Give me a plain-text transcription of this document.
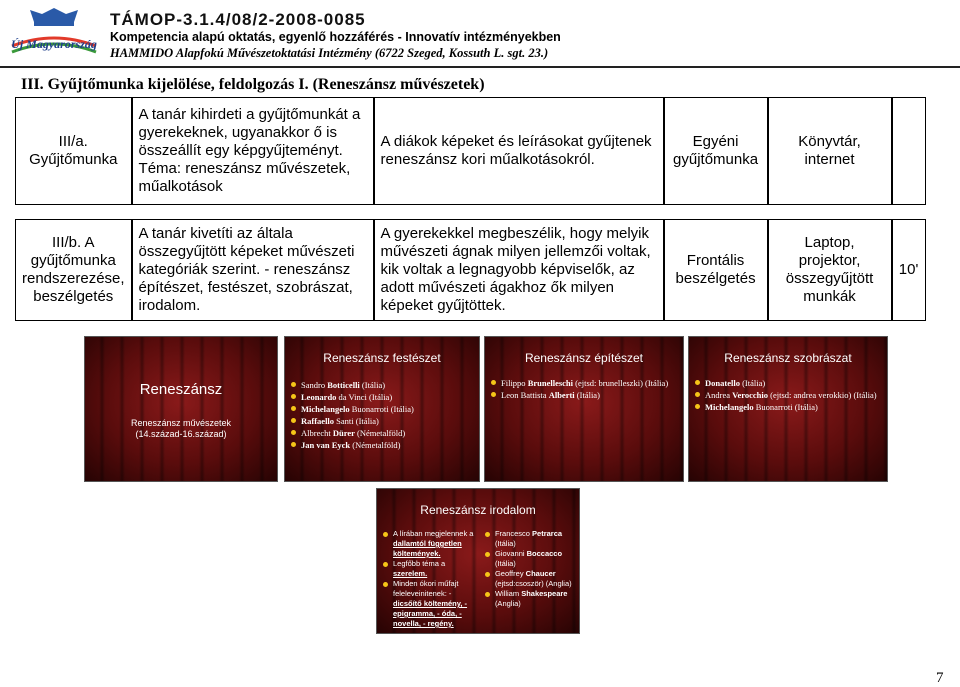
Új Magyarország
TÁMOP-3.1.4/08/2-2008-0085
Kompetencia alapú oktatás, egyenlő hozzáférés - Innovatív intézményekben
HAMMIDO Alapfokú Művészetoktatási Intézmény (6722 Szeged, Kossuth L. sgt. 23.)
III. Gyűjtőmunka kijelölése, feldolgozás I. (Reneszánsz művészetek)
III/a. Gyűjtőmunka	A tanár kihirdeti a gyűjtőmunkát a gyerekeknek, ugyanakkor ő is összeállít egy képgyűjteményt. Téma: reneszánsz művészetek, műalkotások	A diákok képeket és leírásokat gyűjtenek reneszánsz kori műalkotásokról.	Egyéni gyűjtőmunka	Könyvtár, internet	

III/b. A gyűjtőmunka rendszerezése, beszélgetés	A tanár kivetíti az általa összegyűjtött képeket művészeti kategóriák szerint. - reneszánsz építészet, festészet, szobrászat, irodalom.	A gyerekekkel megbeszélik, hogy melyik művészeti ágnak milyen jellemzői voltak, kik voltak a legnagyobb képviselők, az adott művészeti ágakhoz ők milyen képeket gyűjtöttek.	Frontális beszélgetés	Laptop, projektor, összegyűjtött munkák	10'
Reneszánsz
Reneszánsz művészetek
(14.század-16.század)
Reneszánsz festészet
Sandro Botticelli (Itália)
Leonardo da Vinci (Itália)
Michelangelo Buonarroti (Itália)
Raffaello Santi (Itália)
Albrecht Dürer (Németalföld)
Jan van Eyck (Németalföld)
Reneszánsz építészet
Filippo Brunelleschi (ejtsd: brunelleszki) (Itália)
Leon Battista Alberti (Itália)
Reneszánsz szobrászat
Donatello (Itália)
Andrea Verocchio (ejtsd: andrea verokkio) (Itália)
Michelangelo Buonarroti (Itália)
Reneszánsz irodalom
A lírában megjelennek a dallamtól független költemények.
Legfőbb téma a szerelem.
Minden ókori műfajt feleleveinitenek: - dicsőítő költemény, - epigramma, - óda, - novella, - regény.
Francesco Petrarca (Itália)
Giovanni Boccacco (Itália)
Geoffrey Chaucer (ejtsd:csoször) (Anglia)
William Shakespeare (Anglia)
7
